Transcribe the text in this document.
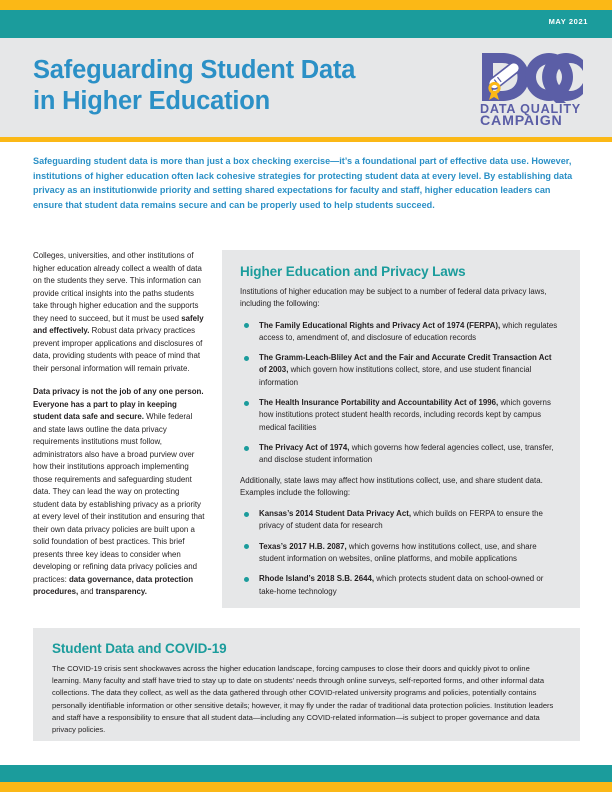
MAY 2021
Safeguarding Student Data
in Higher Education	DATA QUALITY
CAMPAIGN
Safeguarding student data is more than just a box checking exercise—it’s a foundational part of effective data use. However, institutions of higher education often lack cohesive strategies for protecting student data at every level. By establishing data privacy as an institutionwide priority and setting shared expectations for faculty and staff, higher education leaders can ensure that student data remains secure and can be properly used to help students succeed.

Colleges, universities, and other institutions of higher education already collect a wealth of data on the students they serve. This information can provide critical insights into the paths students take through higher education and the supports they need to succeed, but it must be used safely and effectively. Robust data privacy practices prevent improper applications and disclosures of data, providing students with peace of mind that their personal information will remain private.

Data privacy is not the job of any one person. Everyone has a part to play in keeping student data safe and secure. While federal and state laws outline the data privacy requirements institutions must follow, administrators also have a broad purview over how their institutions approach implementing those requirements and safeguarding student data. They can lead the way on protecting student data by establishing privacy as a priority at every level of their institution and ensuring that their own data privacy policies are built upon a solid foundation of best practices. This brief presents three key ideas to consider when developing or refining data privacy policies and practices: data governance, data protection procedures, and transparency.

Higher Education and Privacy Laws
Institutions of higher education may be subject to a number of federal data privacy laws, including the following:
The Family Educational Rights and Privacy Act of 1974 (FERPA), which regulates access to, amendment of, and disclosure of education records
The Gramm-Leach-Bliley Act and the Fair and Accurate Credit Transaction Act of 2003, which govern how institutions collect, store, and use student financial information
The Health Insurance Portability and Accountability Act of 1996, which governs how institutions protect student health records, including records kept by campus medical facilities
The Privacy Act of 1974, which governs how federal agencies collect, use, transfer, and disclose student information
Additionally, state laws may affect how institutions collect, use, and share student data. Examples include the following:
Kansas’s 2014 Student Data Privacy Act, which builds on FERPA to ensure the privacy of student data for research
Texas’s 2017 H.B. 2087, which governs how institutions collect, use, and share student information on websites, online platforms, and mobile applications
Rhode Island’s 2018 S.B. 2644, which protects student data on school-owned or take-home technology
Student Data and COVID-19
The COVID-19 crisis sent shockwaves across the higher education landscape, forcing campuses to close their doors and quickly pivot to online learning. Many faculty and staff have tried to stay up to date on students’ needs through online surveys, self-reported forms, and other informal data collections. The data they collect, as well as the data gathered through other COVID-related university programs and policies, potentially contains personally identifiable information or other sensitive details; however, it may fly under the radar of traditional data protection policies. Institution leaders and staff have a responsibility to ensure that all student data—including any COVID-related information—is subject to proper governance and data privacy policies.
